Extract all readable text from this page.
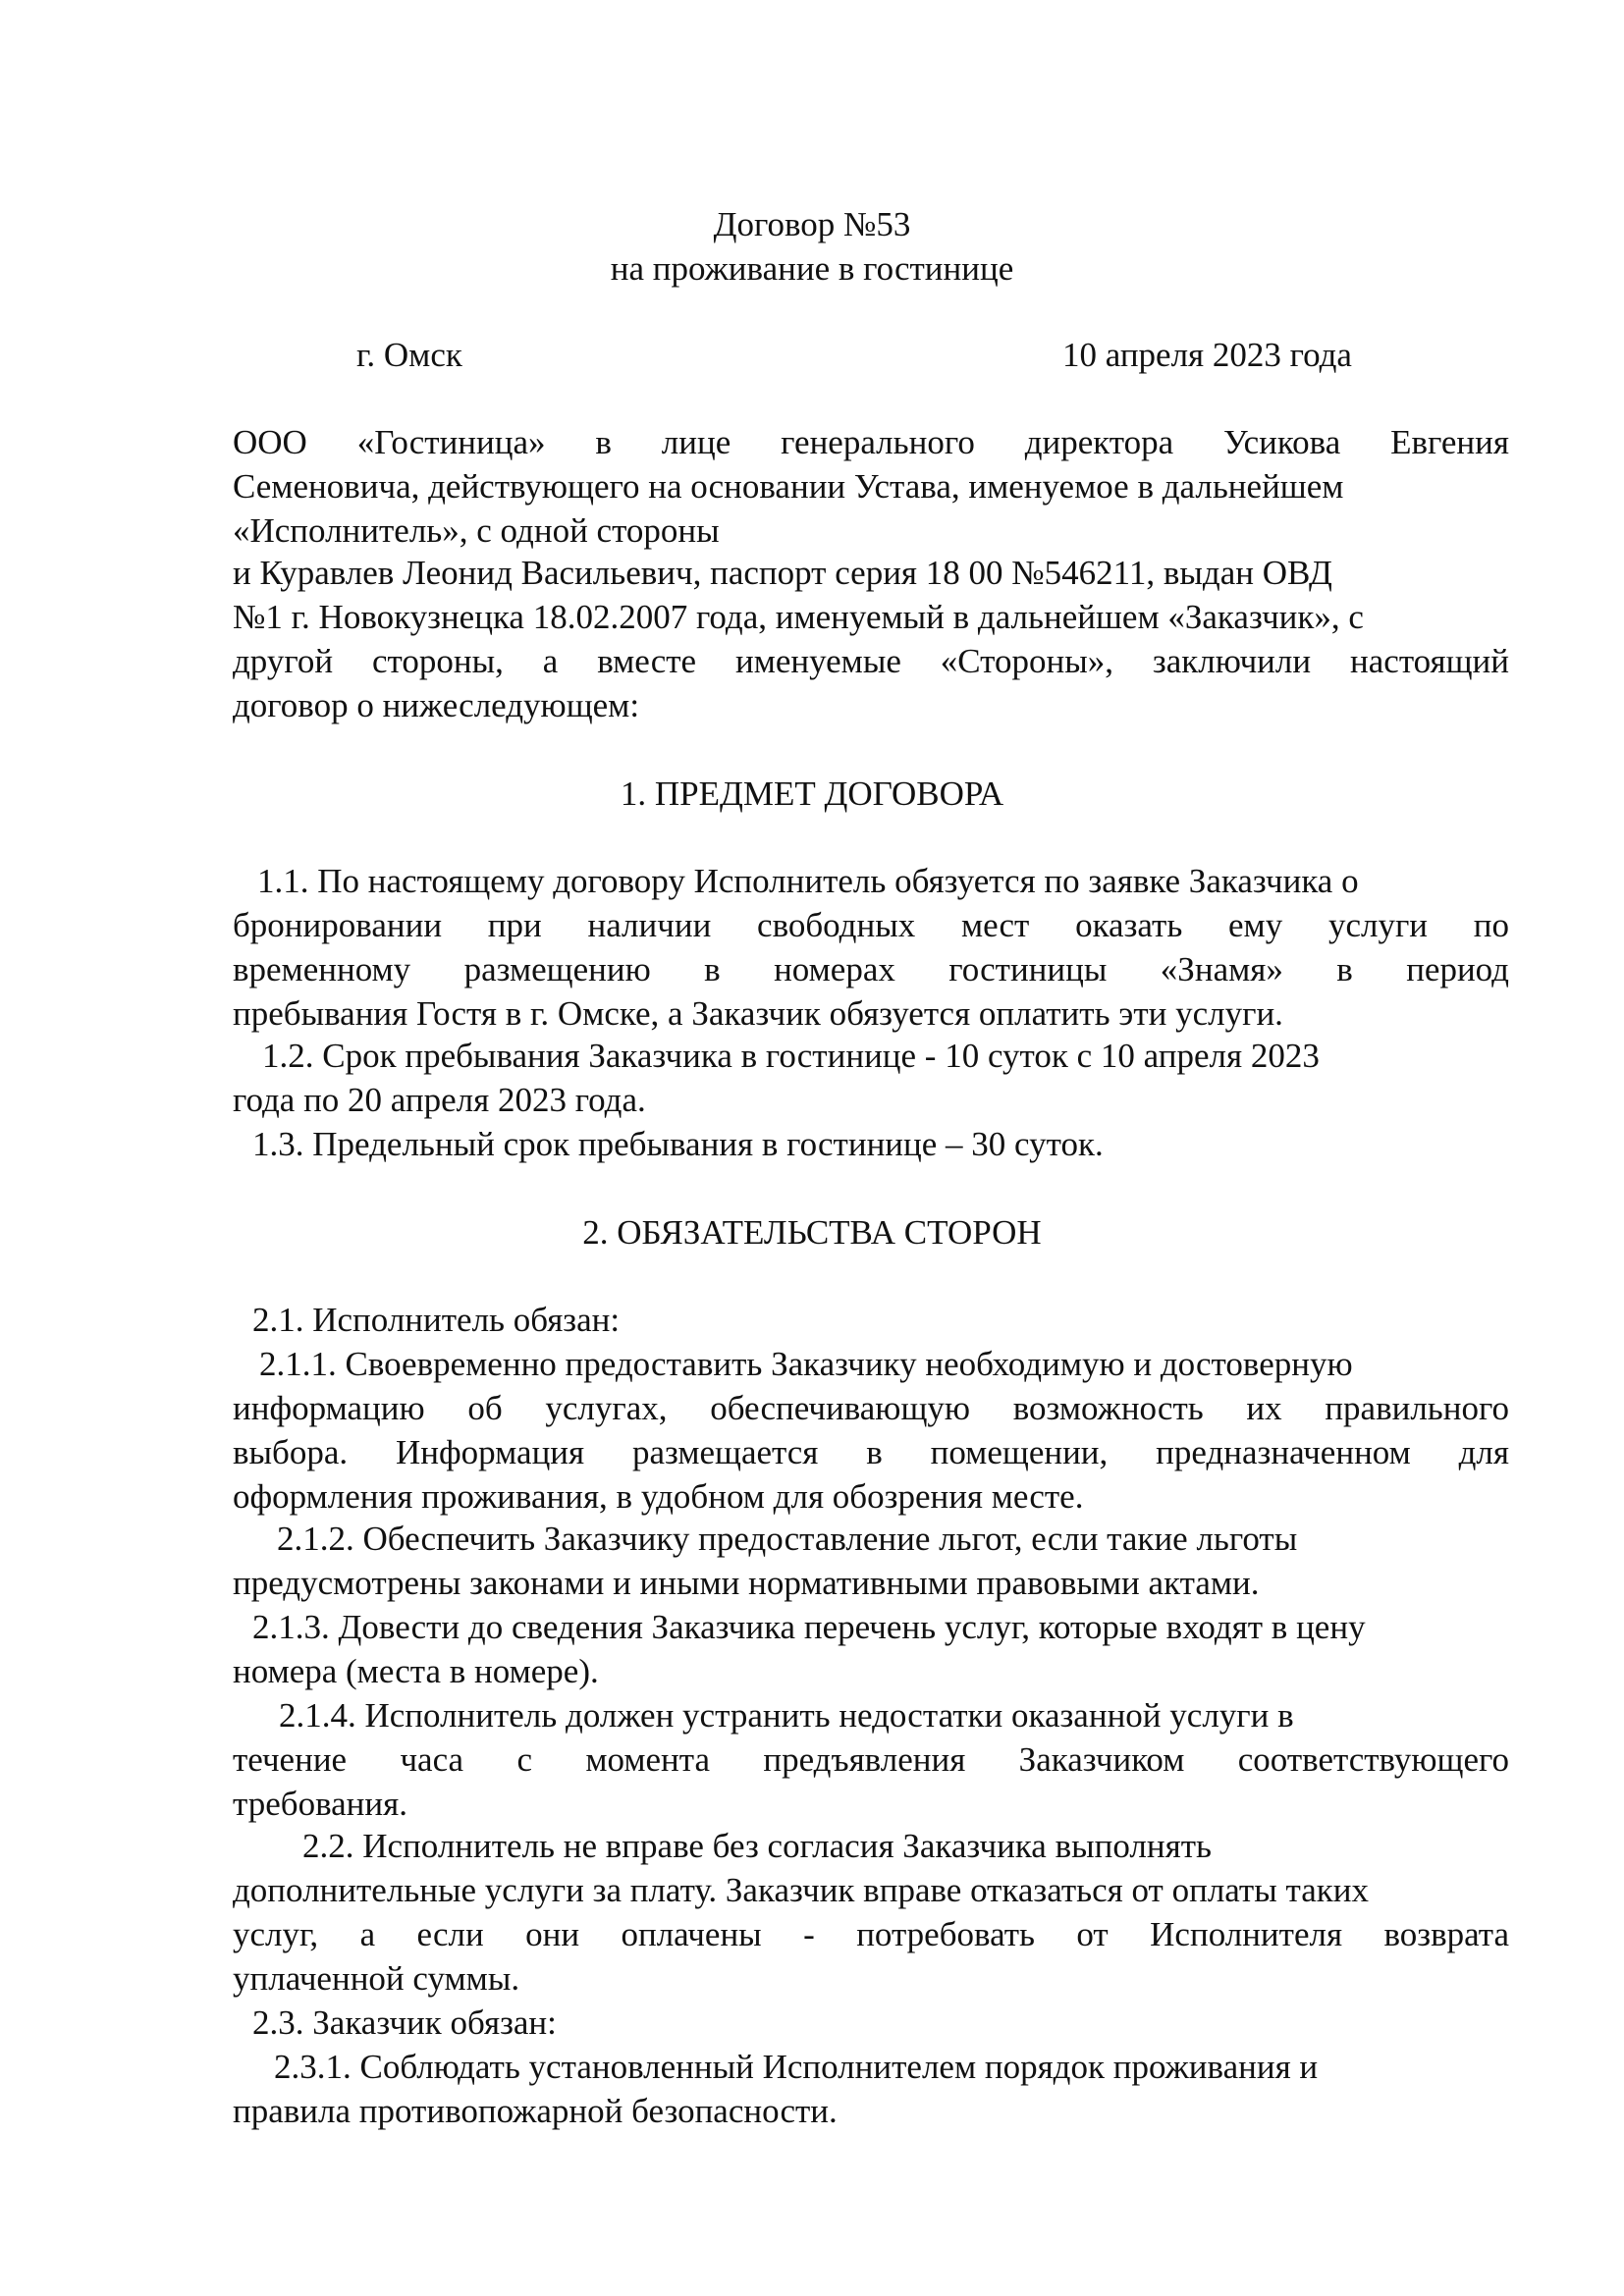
Договор №53
на проживание в гостинице
г. Омск	10 апреля 2023 года
ООО «Гостиница» в лице генерального директора Усикова Евгения
Семеновича, действующего на основании Устава, именуемое в дальнейшем
«Исполнитель», с одной стороны
и Куравлев Леонид Васильевич, паспорт серия 18 00 №546211, выдан ОВД
№1 г. Новокузнецка 18.02.2007 года, именуемый в дальнейшем «Заказчик», с
другой стороны, а вместе именуемые «Стороны», заключили настоящий
договор о нижеследующем:
1. ПРЕДМЕТ ДОГОВОРА
1.1. По настоящему договору Исполнитель обязуется по заявке Заказчика о
бронировании при наличии свободных мест оказать ему услуги по
временному размещению в номерах гостиницы «Знамя» в период
пребывания Гостя в г. Омске, а Заказчик обязуется оплатить эти услуги.
1.2. Срок пребывания Заказчика в гостинице - 10 суток с 10 апреля 2023
года по 20 апреля 2023 года.
1.3. Предельный срок пребывания в гостинице – 30 суток.
2. ОБЯЗАТЕЛЬСТВА СТОРОН
2.1. Исполнитель обязан:
2.1.1. Своевременно предоставить Заказчику необходимую и достоверную
информацию об услугах, обеспечивающую возможность их правильного
выбора. Информация размещается в помещении, предназначенном для
оформления проживания, в удобном для обозрения месте.
2.1.2. Обеспечить Заказчику предоставление льгот, если такие льготы
предусмотрены законами и иными нормативными правовыми актами.
2.1.3. Довести до сведения Заказчика перечень услуг, которые входят в цену
номера (места в номере).
2.1.4. Исполнитель должен устранить недостатки оказанной услуги в
течение часа с момента предъявления Заказчиком соответствующего
требования.
2.2. Исполнитель не вправе без согласия Заказчика выполнять
дополнительные услуги за плату. Заказчик вправе отказаться от оплаты таких
услуг, а если они оплачены - потребовать от Исполнителя возврата
уплаченной суммы.
2.3. Заказчик обязан:
2.3.1. Соблюдать установленный Исполнителем порядок проживания и
правила противопожарной безопасности.
